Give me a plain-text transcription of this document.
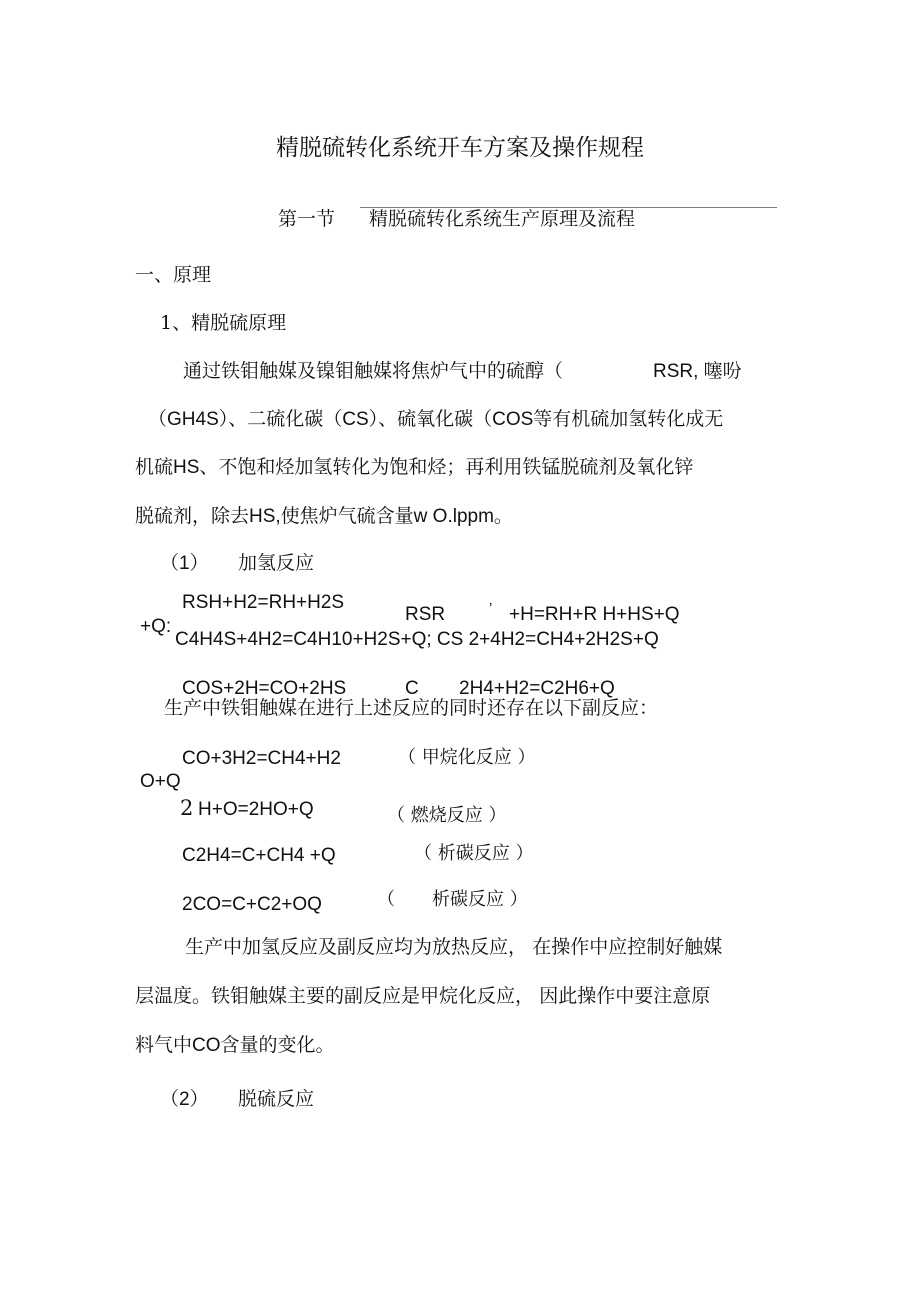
精脱硫转化系统开车方案及操作规程
第一节 精脱硫转化系统生产原理及流程
一、原理
1、精脱硫原理
通过铁钼触媒及镍钼触媒将焦炉气中的硫醇（	RSR, 噻吩
（GH4S）、二硫化碳（CS）、硫氧化碳（COS等有机硫加氢转化成无
机硫HS、不饱和烃加氢转化为饱和烃；再利用铁锰脱硫剂及氧化锌
脱硫剂，除去HS,使焦炉气硫含量w O.lppm。
（1） 加氢反应
RSH+H2=RH+H2S
+Q:
RSR	’ +H=RH+R H+HS+Q
C4H4S+4H2=C4H10+H2S+Q; CS 2+4H2=CH4+2H2S+Q
COS+2H=CO+2HS	C 2H4+H2=C2H6+Q
生产中铁钼触媒在进行上述反应的同时还存在以下副反应：
CO+3H2=CH4+H2	（ 甲烷化反应 ）
O+Q
2 H+O=2HO+Q	（ 燃烧反应 ）
C2H4=C+CH4 +Q	（ 析碳反应 ）
2CO=C+C2+OQ	（ 析碳反应 ）
生产中加氢反应及副反应均为放热反应， 在操作中应控制好触媒
层温度。铁钼触媒主要的副反应是甲烷化反应， 因此操作中要注意原
料气中CO含量的变化。
（2） 脱硫反应
